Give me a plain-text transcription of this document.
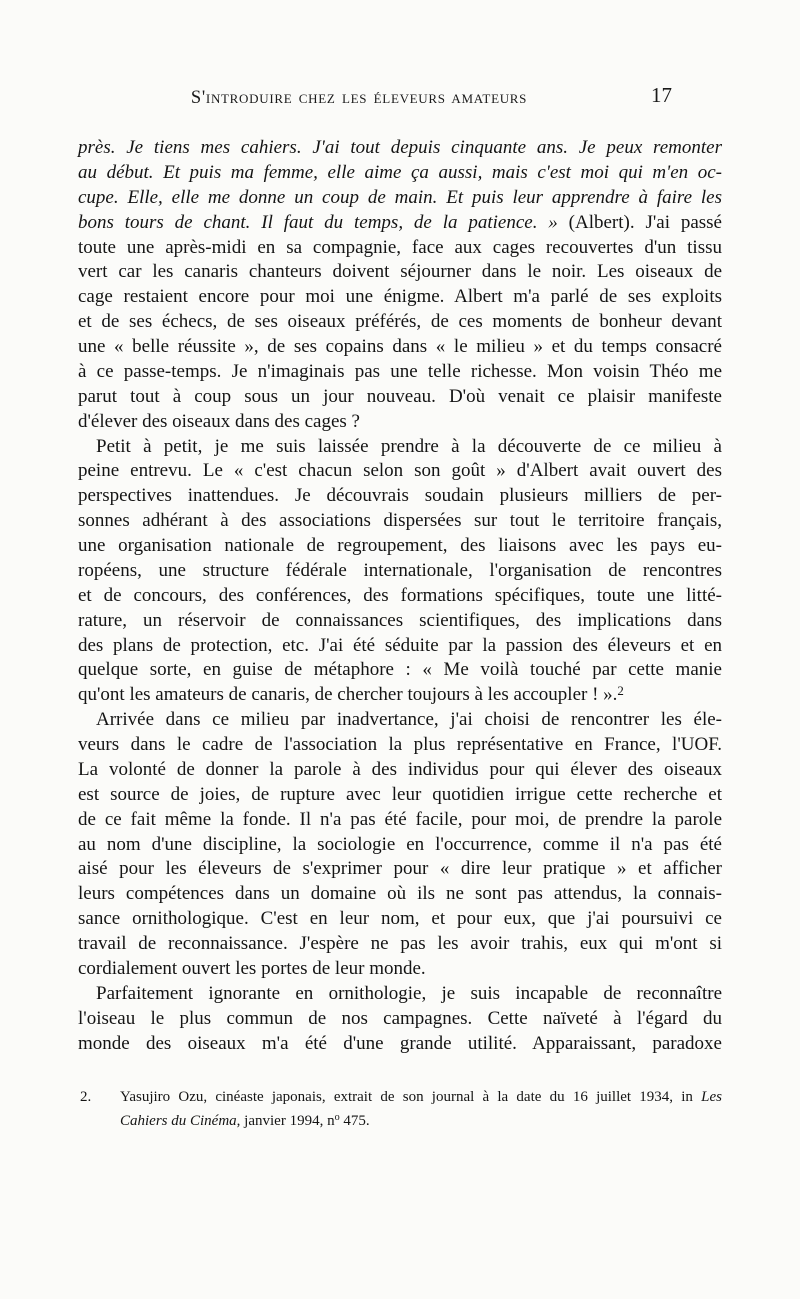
S'INTRODUIRE CHEZ LES ÉLEVEURS AMATEURS	17
près. Je tiens mes cahiers. J'ai tout depuis cinquante ans. Je peux remonter
au début. Et puis ma femme, elle aime ça aussi, mais c'est moi qui m'en oc-
cupe. Elle, elle me donne un coup de main. Et puis leur apprendre à faire les
bons tours de chant. Il faut du temps, de la patience. » (Albert). J'ai passé
toute une après-midi en sa compagnie, face aux cages recouvertes d'un tissu
vert car les canaris chanteurs doivent séjourner dans le noir. Les oiseaux de
cage restaient encore pour moi une énigme. Albert m'a parlé de ses exploits
et de ses échecs, de ses oiseaux préférés, de ces moments de bonheur devant
une « belle réussite », de ses copains dans « le milieu » et du temps consacré
à ce passe-temps. Je n'imaginais pas une telle richesse. Mon voisin Théo me
parut tout à coup sous un jour nouveau. D'où venait ce plaisir manifeste
d'élever des oiseaux dans des cages ?
Petit à petit, je me suis laissée prendre à la découverte de ce milieu à
peine entrevu. Le « c'est chacun selon son goût » d'Albert avait ouvert des
perspectives inattendues. Je découvrais soudain plusieurs milliers de per-
sonnes adhérant à des associations dispersées sur tout le territoire français,
une organisation nationale de regroupement, des liaisons avec les pays eu-
ropéens, une structure fédérale internationale, l'organisation de rencontres
et de concours, des conférences, des formations spécifiques, toute une litté-
rature, un réservoir de connaissances scientifiques, des implications dans
des plans de protection, etc. J'ai été séduite par la passion des éleveurs et en
quelque sorte, en guise de métaphore : « Me voilà touché par cette manie
qu'ont les amateurs de canaris, de chercher toujours à les accoupler ! ».2
Arrivée dans ce milieu par inadvertance, j'ai choisi de rencontrer les éle-
veurs dans le cadre de l'association la plus représentative en France, l'UOF.
La volonté de donner la parole à des individus pour qui élever des oiseaux
est source de joies, de rupture avec leur quotidien irrigue cette recherche et
de ce fait même la fonde. Il n'a pas été facile, pour moi, de prendre la parole
au nom d'une discipline, la sociologie en l'occurrence, comme il n'a pas été
aisé pour les éleveurs de s'exprimer pour « dire leur pratique » et afficher
leurs compétences dans un domaine où ils ne sont pas attendus, la connais-
sance ornithologique. C'est en leur nom, et pour eux, que j'ai poursuivi ce
travail de reconnaissance. J'espère ne pas les avoir trahis, eux qui m'ont si
cordialement ouvert les portes de leur monde.
Parfaitement ignorante en ornithologie, je suis incapable de reconnaître
l'oiseau le plus commun de nos campagnes. Cette naïveté à l'égard du
monde des oiseaux m'a été d'une grande utilité. Apparaissant, paradoxe
2. Yasujiro Ozu, cinéaste japonais, extrait de son journal à la date du 16 juillet 1934, in Les
Cahiers du Cinéma, janvier 1994, no 475.
